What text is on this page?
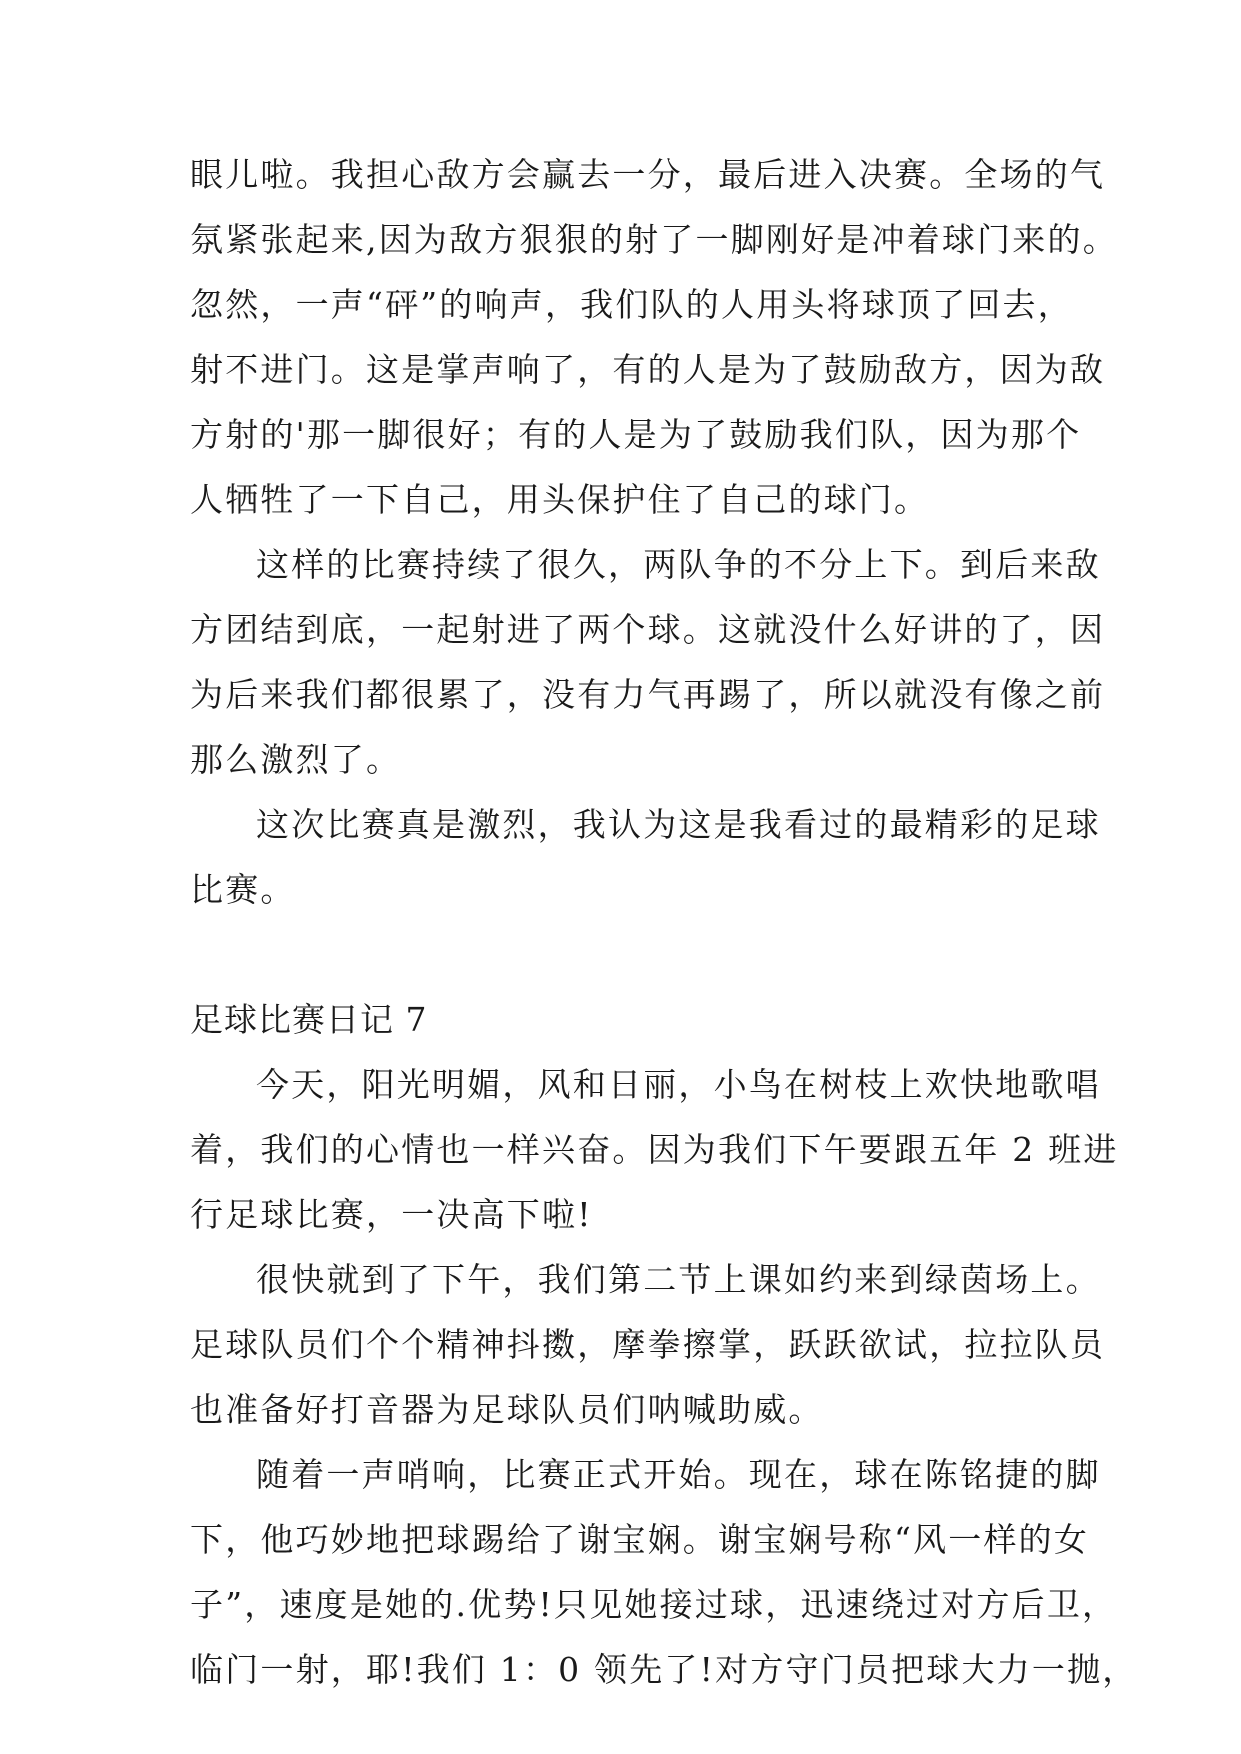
眼儿啦。我担心敌方会赢去一分，最后进入决赛。全场的气
氛紧张起来,因为敌方狠狠的射了一脚刚好是冲着球门来的。
忽然，一声“砰”的响声，我们队的人用头将球顶了回去，
射不进门。这是掌声响了，有的人是为了鼓励敌方，因为敌
方射的'那一脚很好；有的人是为了鼓励我们队，因为那个
人牺牲了一下自己，用头保护住了自己的球门。
这样的比赛持续了很久，两队争的不分上下。到后来敌
方团结到底，一起射进了两个球。这就没什么好讲的了，因
为后来我们都很累了，没有力气再踢了，所以就没有像之前
那么激烈了。
这次比赛真是激烈，我认为这是我看过的最精彩的足球
比赛。
足球比赛日记 7
今天，阳光明媚，风和日丽，小鸟在树枝上欢快地歌唱
着，我们的心情也一样兴奋。因为我们下午要跟五年 2 班进
行足球比赛，一决高下啦!
很快就到了下午，我们第二节上课如约来到绿茵场上。
足球队员们个个精神抖擞，摩拳擦掌，跃跃欲试，拉拉队员
也准备好打音器为足球队员们呐喊助威。
随着一声哨响，比赛正式开始。现在，球在陈铭捷的脚
下，他巧妙地把球踢给了谢宝娴。谢宝娴号称“风一样的女
子”，速度是她的.优势!只见她接过球，迅速绕过对方后卫，
临门一射，耶!我们 1：0 领先了!对方守门员把球大力一抛，
